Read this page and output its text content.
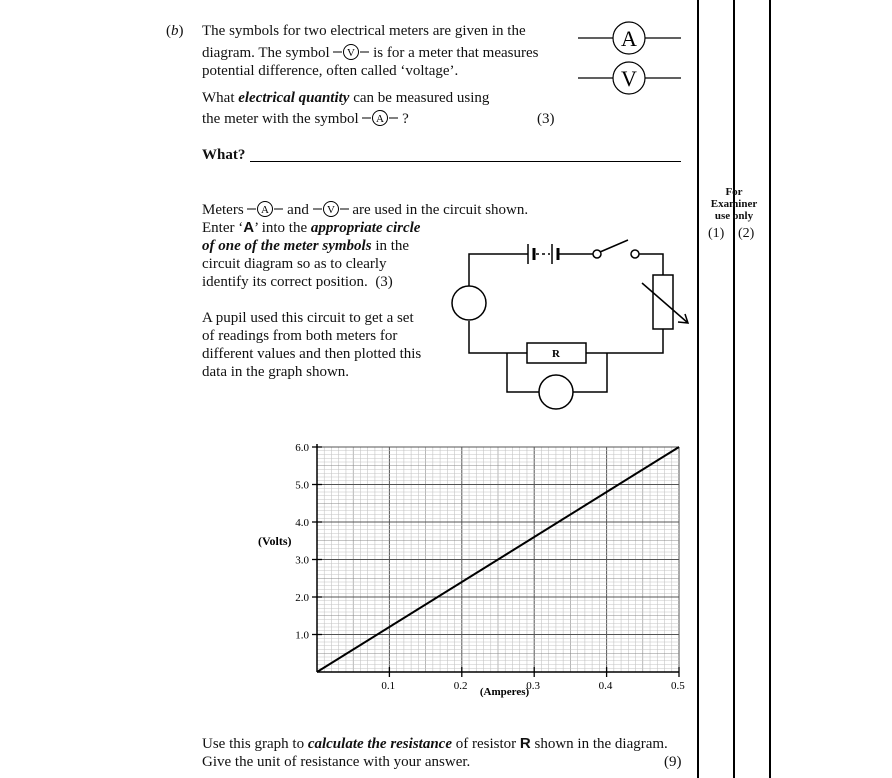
For
Examiner
use only
(1) (2)
(b) The symbols for two electrical meters are given in the
diagram. The symbol V is for a meter that measures
potential difference, often called ‘voltage’.
A
V
What electrical quantity can be measured using
the meter with the symbol A ?	(3)
What?
Meters A and V are used in the circuit shown.
Enter ‘A’ into the appropriate circle
of one of the meter symbols in the
circuit diagram so as to clearly
identify its correct position. (3)
A pupil used this circuit to get a set
of readings from both meters for
different values and then plotted this
data in the graph shown.
R
0.1	0.2	0.3	0.4	0.5
1.0
2.0
3.0
4.0
5.0
6.0
(Amperes)
(Volts)
Use this graph to calculate the resistance of resistor R shown in the diagram.
Give the unit of resistance with your answer.	(9)
